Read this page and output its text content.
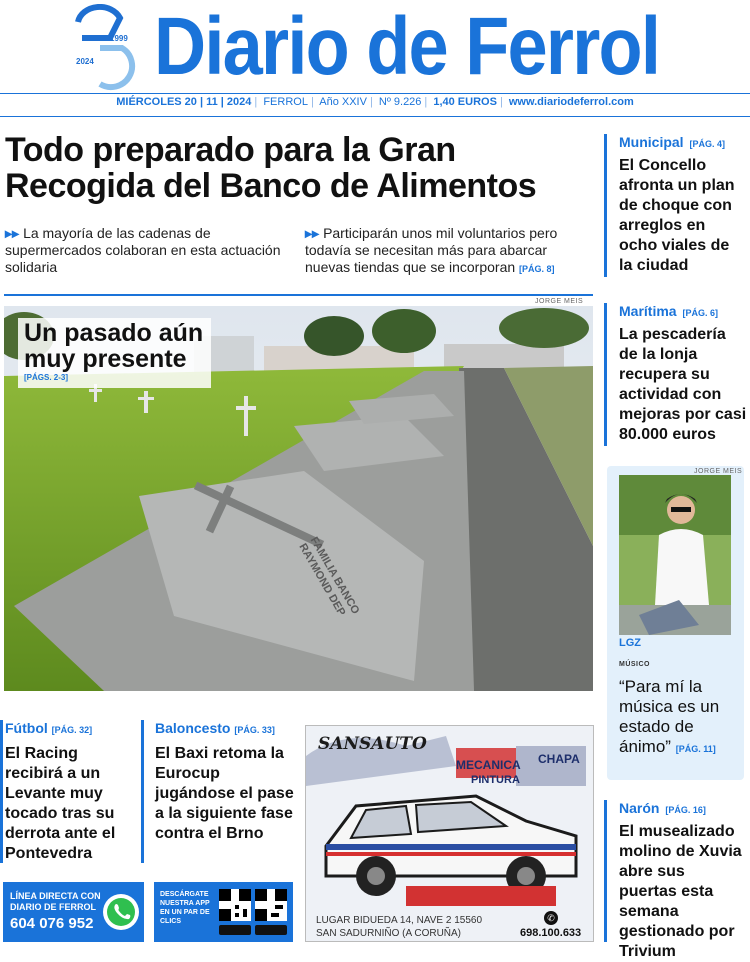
1999
2024 Diario de Ferrol
MIÉRCOLES 20 | 11 | 2024 | FERROL | Año XXIV | Nº 9.226 | 1,40 EUROS | www.diariodeferrol.com
Todo preparado para la Gran
Recogida del Banco de Alimentos
▸▸ La mayoría de las cadenas de supermercados colaboran en esta actuación solidaria
▸▸ Participarán unos mil voluntarios pero todavía se necesitan más para abarcar nuevas tiendas que se incorporan [PÁG. 8]
JORGE MEIS
FAMILIA BANCO RAYMOND DEP
Un pasado aún
muy presente
[PÁGS. 2-3]
Municipal [PÁG. 4]
El Concello afronta un plan de choque con arreglos en ocho viales de la ciudad
Marítima [PÁG. 6]
La pescadería de la lonja recupera su actividad con mejoras por casi 80.000 euros
JORGE MEIS
LGZ
MÚSICO
“Para mí la música es un estado de ánimo” [PÁG. 11]
Narón [PÁG. 16]
El musealizado molino de Xuvia abre sus puertas esta semana gestionado por Trivium
Fútbol [PÁG. 32]
El Racing recibirá a un Levante muy tocado tras su derrota ante el Pontevedra
Baloncesto [PÁG. 33]
El Baxi retoma la Eurocup jugándose el pase a la siguiente fase contra el Brno
LÍNEA DIRECTA CON
DIARIO DE FERROL
604 076 952
DESCÁRGATE NUESTRA APP EN UN PAR DE CLICS
SANSAUTO
MECANICA
PINTURA
CHAPA
LUGAR BIDUEDA 14, NAVE 2 15560
SAN SADURNIÑO (A CORUÑA)
✆
698.100.633
